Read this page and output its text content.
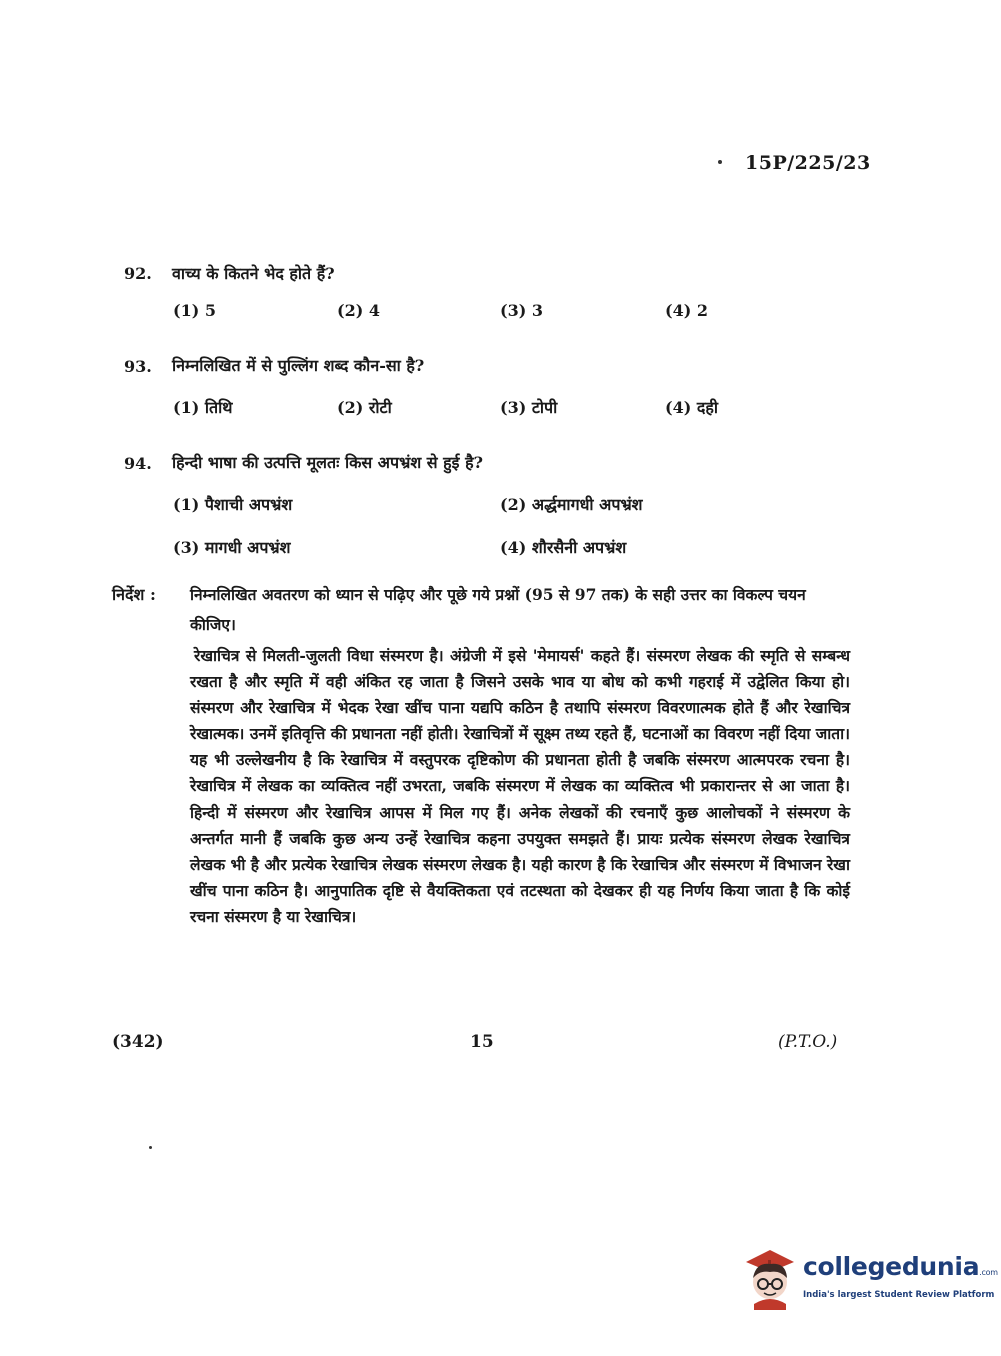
15P/225/23
92. वाच्य के कितने भेद होते हैं?
(1) 5	(2) 4	(3) 3	(4) 2
93. निम्नलिखित में से पुल्लिंग शब्द कौन-सा है?
(1) तिथि	(2) रोटी	(3) टोपी	(4) दही
94. हिन्दी भाषा की उत्पत्ति मूलतः किस अपभ्रंश से हुई है?
(1) पैशाची अपभ्रंश	(2) अर्द्धमागधी अपभ्रंश
(3) मागधी अपभ्रंश	(4) शौरसैनी अपभ्रंश
निर्देश : निम्नलिखित अवतरण को ध्यान से पढ़िए और पूछे गये प्रश्नों (95 से 97 तक) के सही उत्तर का विकल्प चयन कीजिए।
रेखाचित्र से मिलती-जुलती विधा संस्मरण है। अंग्रेजी में इसे 'मेमायर्स' कहते हैं। संस्मरण लेखक की स्मृति से सम्बन्ध रखता है और स्मृति में वही अंकित रह जाता है जिसने उसके भाव या बोध को कभी गहराई में उद्वेलित किया हो। संस्मरण और रेखाचित्र में भेदक रेखा खींच पाना यद्यपि कठिन है तथापि संस्मरण विवरणात्मक होते हैं और रेखाचित्र रेखात्मक। उनमें इतिवृत्ति की प्रधानता नहीं होती। रेखाचित्रों में सूक्ष्म तथ्य रहते हैं, घटनाओं का विवरण नहीं दिया जाता। यह भी उल्लेखनीय है कि रेखाचित्र में वस्तुपरक दृष्टिकोण की प्रधानता होती है जबकि संस्मरण आत्मपरक रचना है। रेखाचित्र में लेखक का व्यक्तित्व नहीं उभरता, जबकि संस्मरण में लेखक का व्यक्तित्व भी प्रकारान्तर से आ जाता है। हिन्दी में संस्मरण और रेखाचित्र आपस में मिल गए हैं। अनेक लेखकों की रचनाएँ कुछ आलोचकों ने संस्मरण के अन्तर्गत मानी हैं जबकि कुछ अन्य उन्हें रेखाचित्र कहना उपयुक्त समझते हैं। प्रायः प्रत्येक संस्मरण लेखक रेखाचित्र लेखक भी है और प्रत्येक रेखाचित्र लेखक संस्मरण लेखक है। यही कारण है कि रेखाचित्र और संस्मरण में विभाजन रेखा खींच पाना कठिन है। आनुपातिक दृष्टि से वैयक्तिकता एवं तटस्थता को देखकर ही यह निर्णय किया जाता है कि कोई रचना संस्मरण है या रेखाचित्र।
(342)	15	(P.T.O.)
collegedunia.com
India's largest Student Review Platform
